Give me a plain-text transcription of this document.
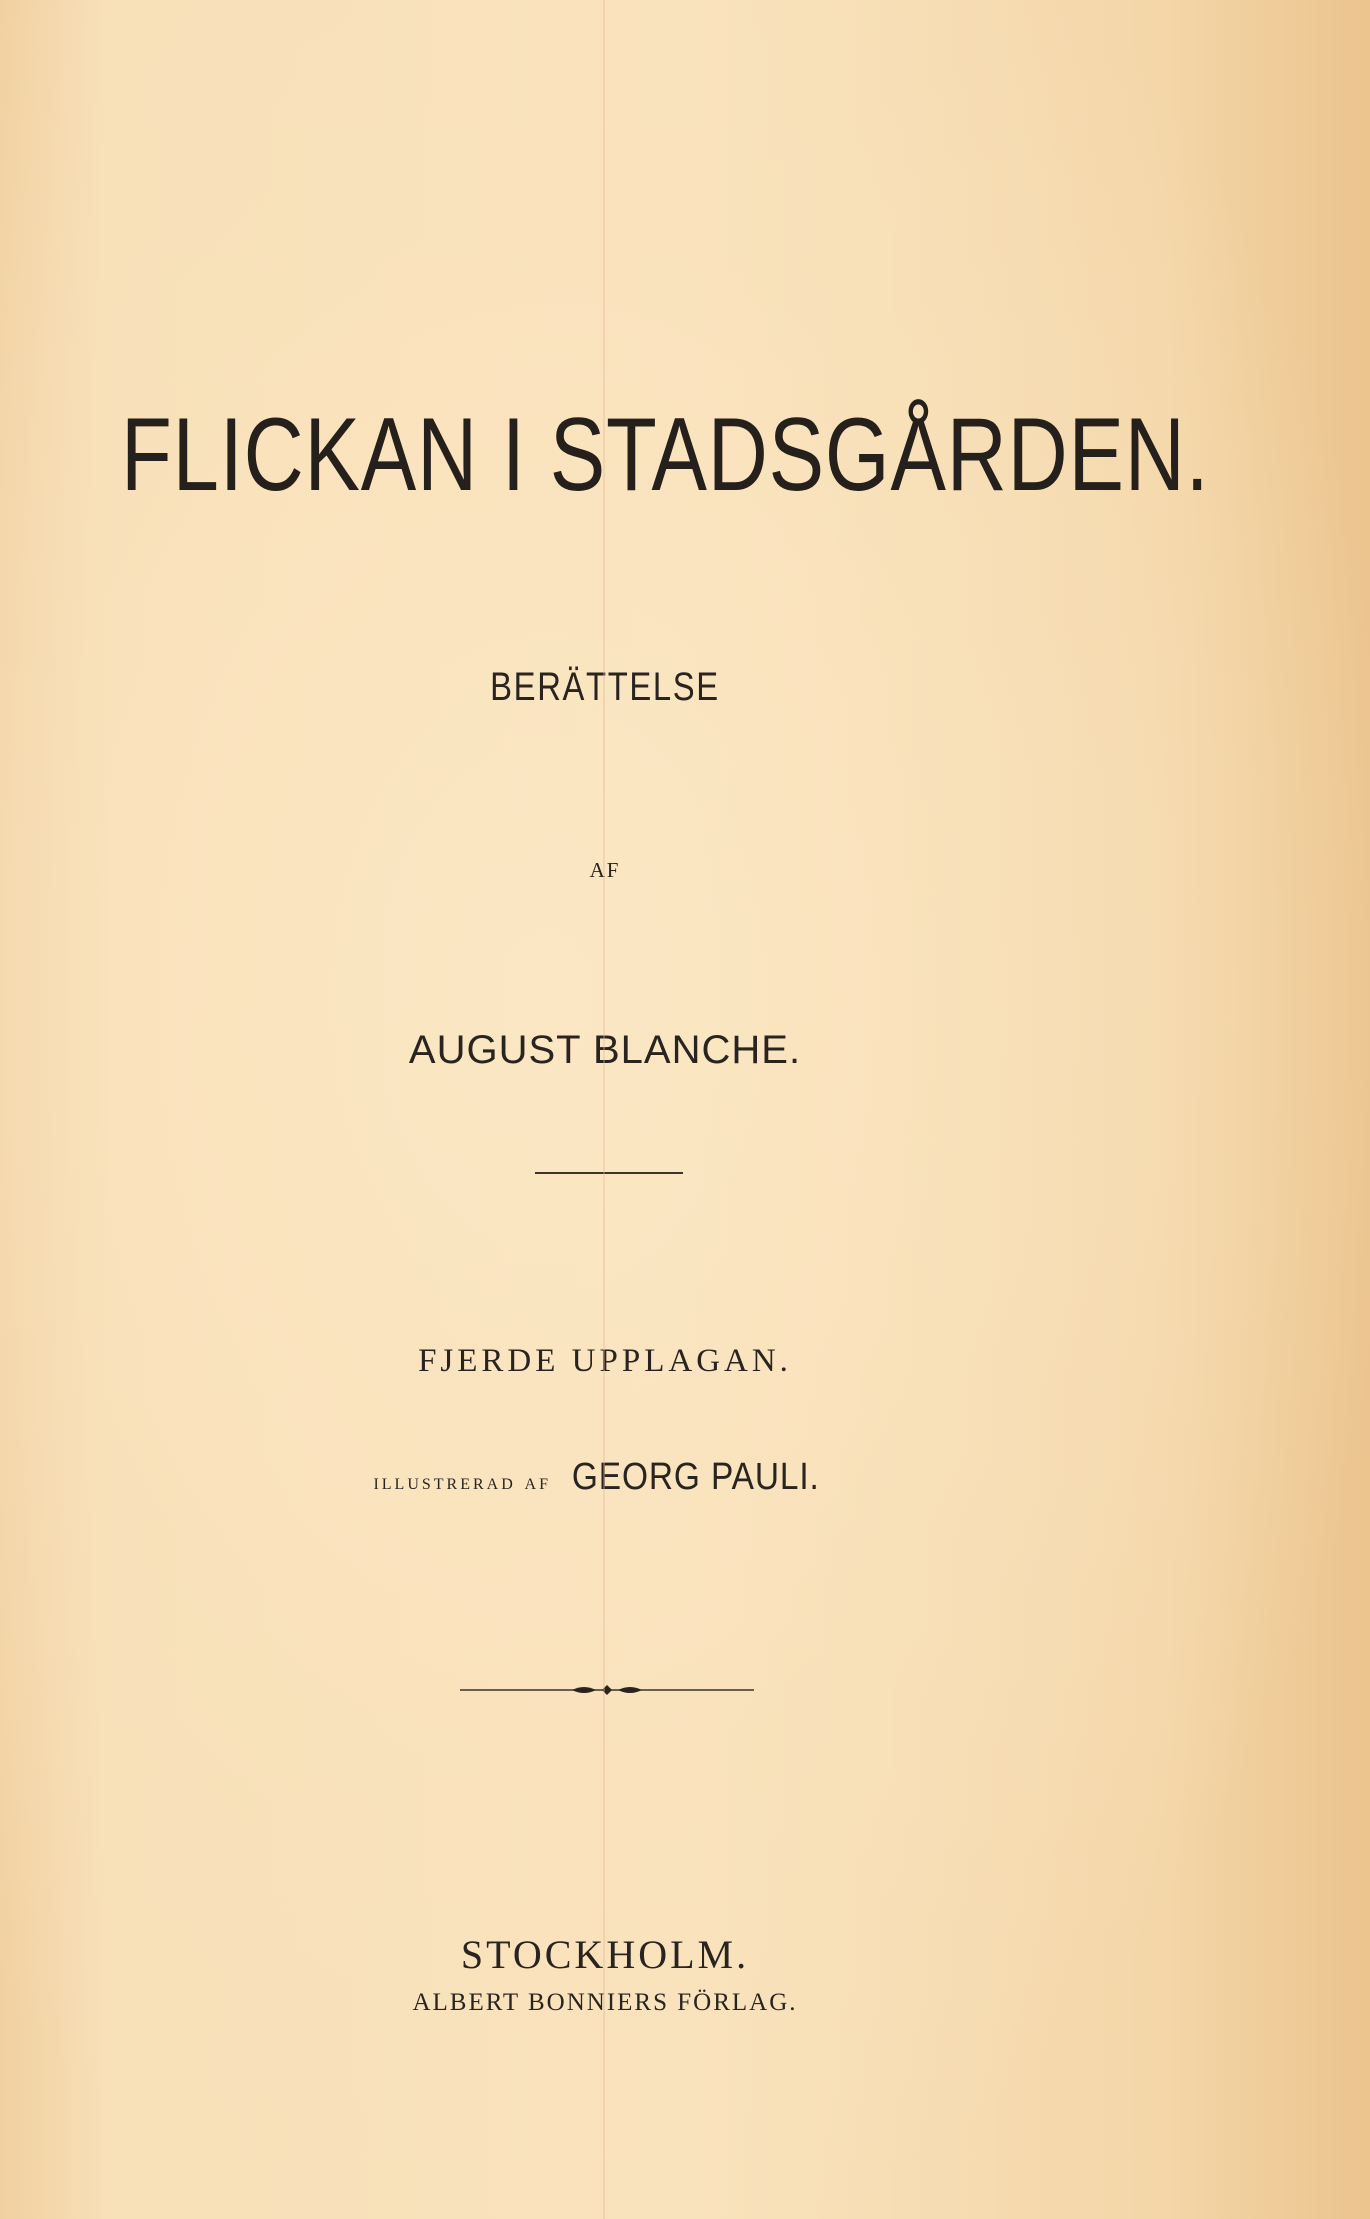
FLICKAN I STADSGÅRDEN.
BERÄTTELSE
AF
AUGUST BLANCHE.
FJERDE UPPLAGAN.
illustrerad af GEORG PAULI.
STOCKHOLM.
ALBERT BONNIERS FÖRLAG.
